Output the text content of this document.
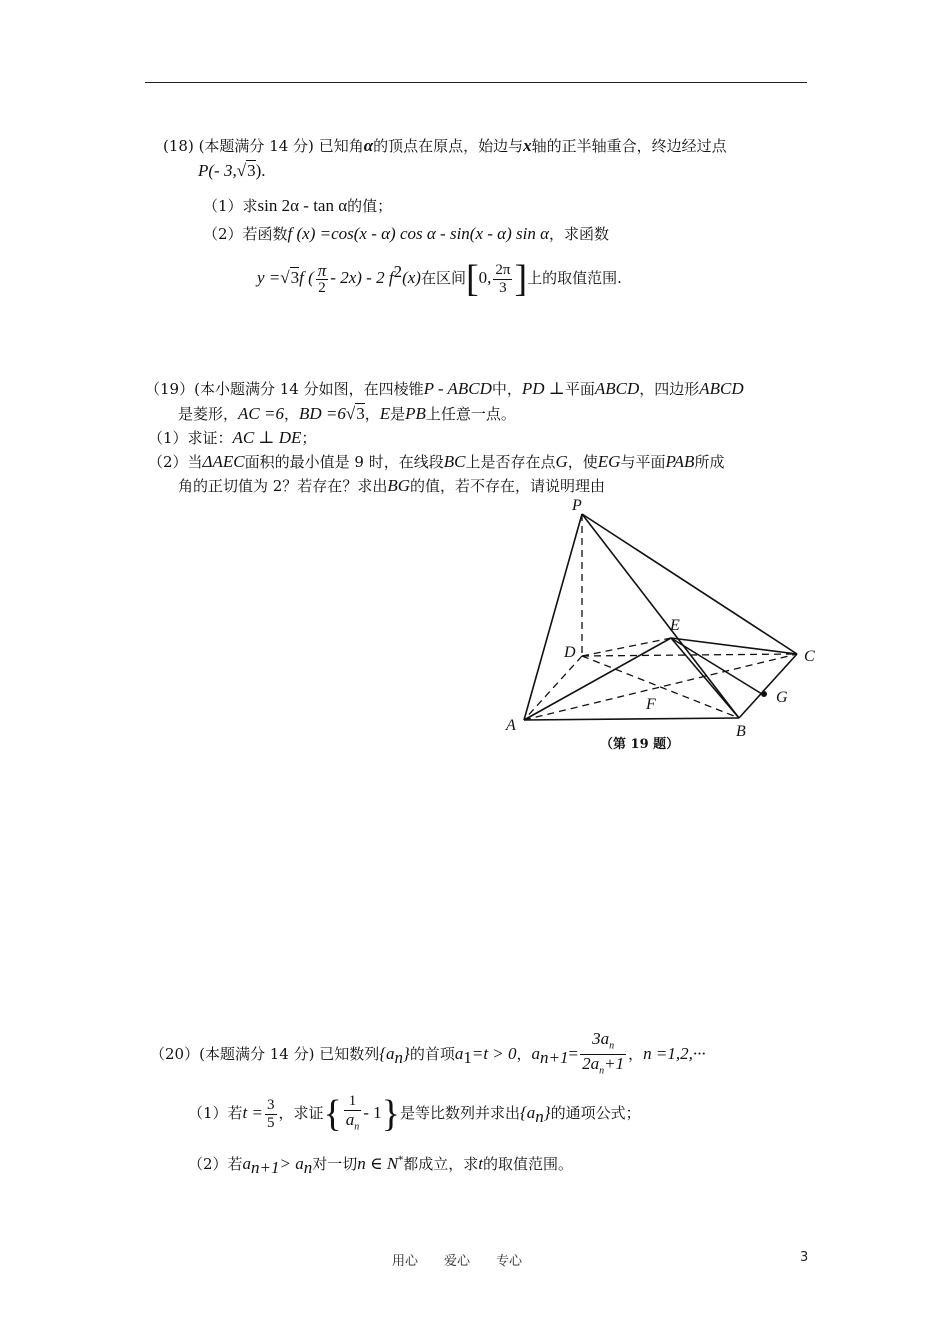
(18) (本题满分 14 分) 已知角α的顶点在原点，始边与x轴的正半轴重合，终边经过点
P(- 3,√3).
（1）求sin 2α - tan α的值；
（2）若函数f (x) =cos(x - α) cos α - sin(x - α) sin α，求函数
y =√3f ( $\frac{\pi}{2} - 2x) - 2$ $f^2(x)$在区间[0, $\frac{2\pi}{3}$ ]上的取值范围.
（19）(本小题满分 14 分如图，在四棱锥P - ABCD中，PD ⊥平面ABCD，四边形ABCD
是菱形，AC =6，BD =6√3，E是PB上任意一点。
（1）求证：AC ⊥ DE；
（2）当ΔAEC面积的最小值是 9 时，在线段BC上是否存在点G，使EG与平面PAB所成
角的正切值为 2？若存在？求出BG的值，若不存在，请说明理由
P
D
E
C
G
F
A	B
（第 19 题）
（20）(本题满分 14 分) 已知数列$\{a_n\}$的首项$a_1=t > 0$，$a_{n+1}= \frac{3a_n}{2a_n+1}$ ，n =1,2,···
（1）若$t = \frac{3}{5}$ ，求证{ $\frac{1}{a_n} - 1$}是等比数列并求出$\{a_n\}$的通项公式；
（2）若$a_{n+1}> a_n$对一切n ∈ N*都成立，求t的取值范围。
用心　　爱心　　专心	3
